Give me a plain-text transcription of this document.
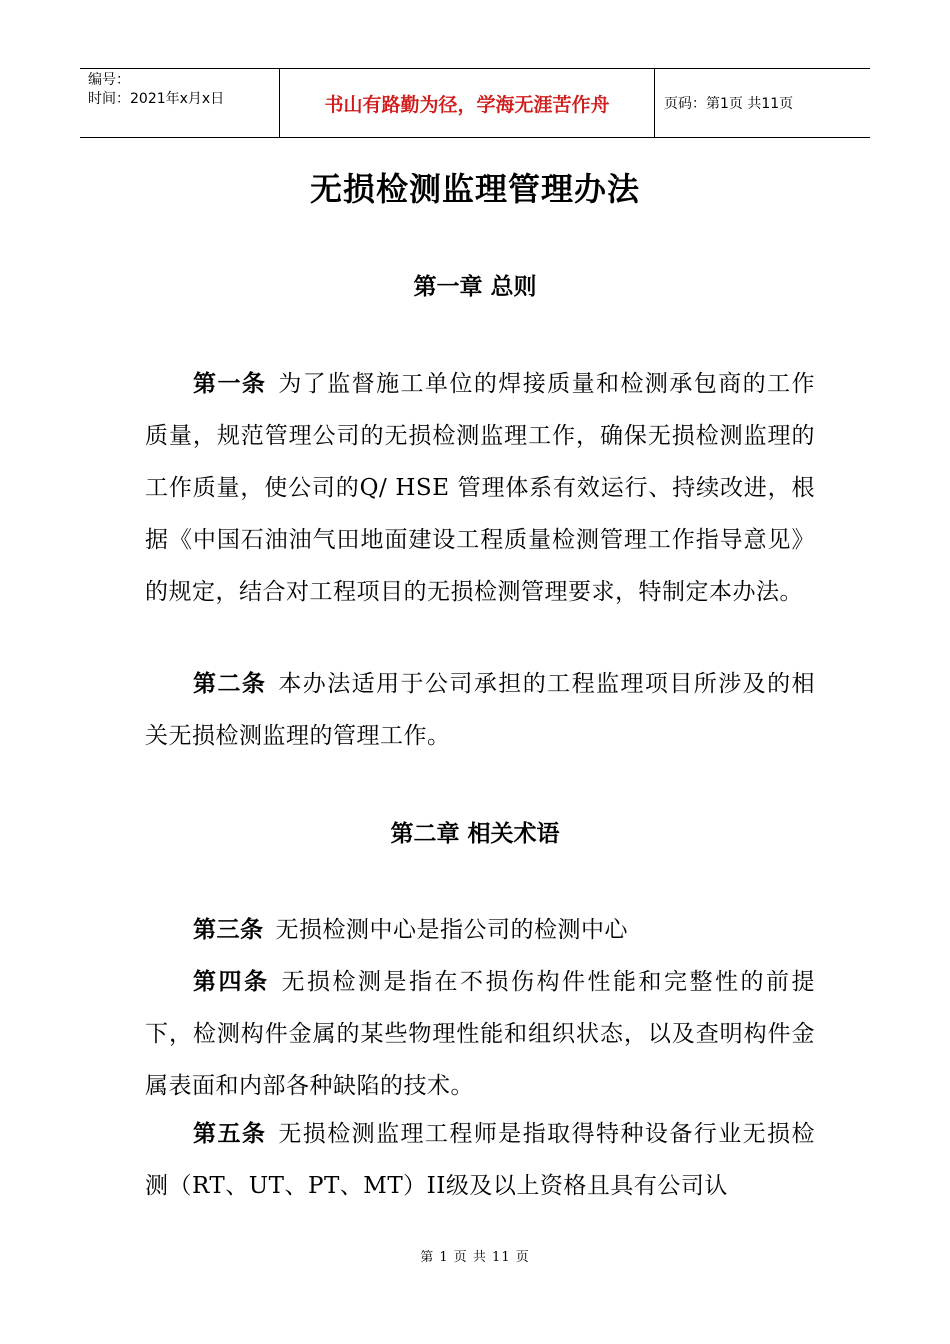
编号：
时间：2021年x月x日	书山有路勤为径，学海无涯苦作舟	页码：第1页 共11页
无损检测监理管理办法
第一章 总则
第一条 为了监督施工单位的焊接质量和检测承包商的工作质量，规范管理公司的无损检测监理工作，确保无损检测监理的工作质量，使公司的Q/ HSE 管理体系有效运行、持续改进，根据《中国石油油气田地面建设工程质量检测管理工作指导意见》的规定，结合对工程项目的无损检测管理要求，特制定本办法。
第二条 本办法适用于公司承担的工程监理项目所涉及的相关无损检测监理的管理工作。
第二章 相关术语
第三条 无损检测中心是指公司的检测中心
第四条 无损检测是指在不损伤构件性能和完整性的前提下，检测构件金属的某些物理性能和组织状态，以及查明构件金属表面和内部各种缺陷的技术。
第五条 无损检测监理工程师是指取得特种设备行业无损检测（RT、UT、PT、MT）II级及以上资格且具有公司认
第 1 页 共 11 页
